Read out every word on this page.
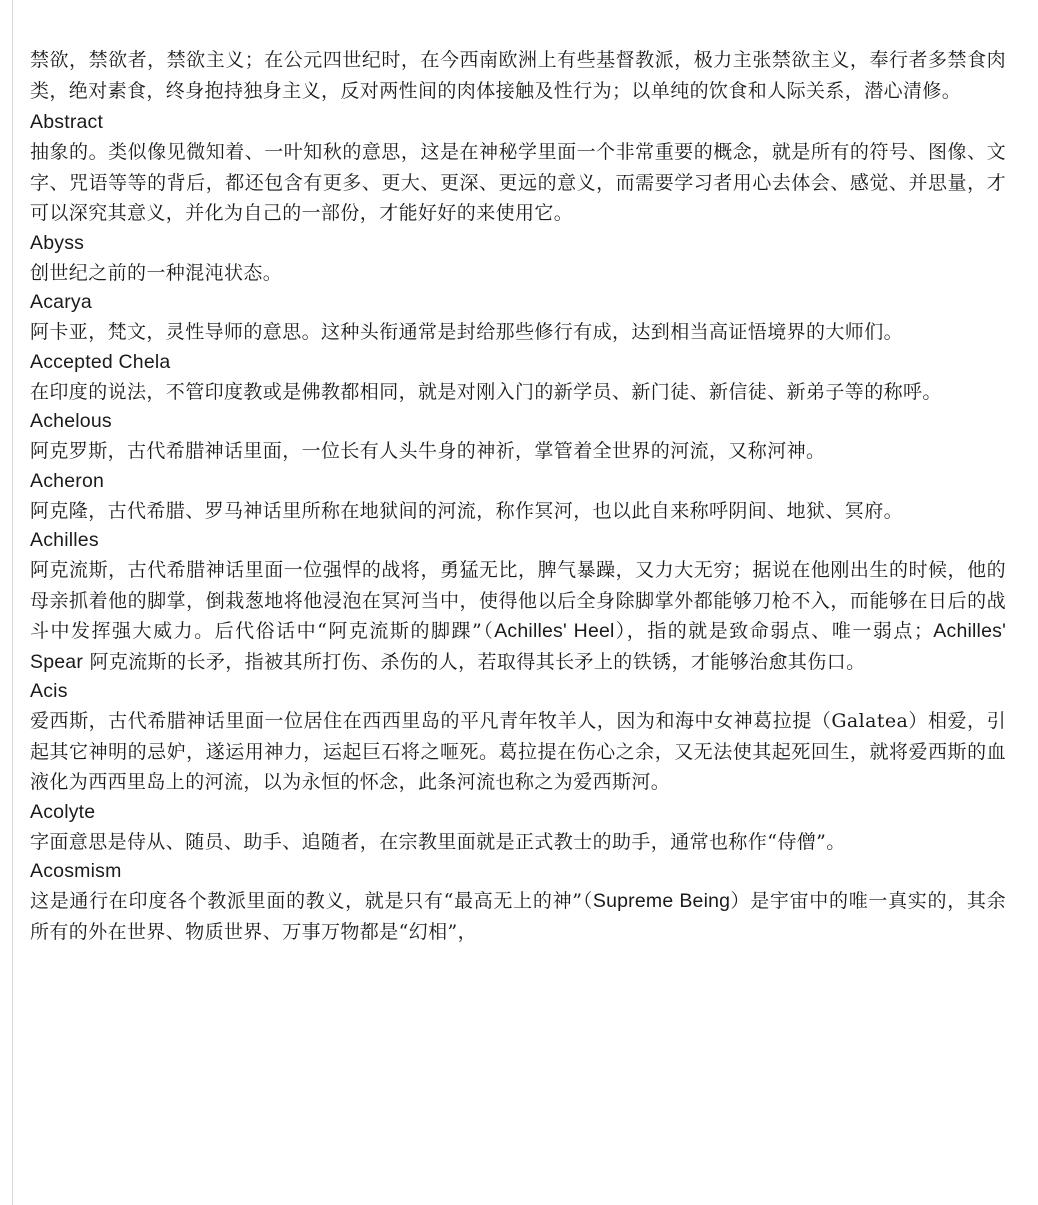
禁欲，禁欲者，禁欲主义；在公元四世纪时，在今西南欧洲上有些基督教派，极力主张禁欲主义，奉行者多禁食肉类，绝对素食，终身抱持独身主义，反对两性间的肉体接触及性行为；以单纯的饮食和人际关系，潜心清修。

Abstract
抽象的。类似像见微知着、一叶知秋的意思，这是在神秘学里面一个非常重要的概念，就是所有的符号、图像、文字、咒语等等的背后，都还包含有更多、更大、更深、更远的意义，而需要学习者用心去体会、感觉、并思量，才可以深究其意义，并化为自己的一部份，才能好好的来使用它。
Abyss
创世纪之前的一种混沌状态。
Acarya
阿卡亚，梵文，灵性导师的意思。这种头衔通常是封给那些修行有成，达到相当高证悟境界的大师们。
Accepted Chela
在印度的说法，不管印度教或是佛教都相同，就是对刚入门的新学员、新门徒、新信徒、新弟子等的称呼。
Achelous
阿克罗斯，古代希腊神话里面，一位长有人头牛身的神祈，掌管着全世界的河流，又称河神。
Acheron
阿克隆，古代希腊、罗马神话里所称在地狱间的河流，称作冥河，也以此自来称呼阴间、地狱、冥府。
Achilles
阿克流斯，古代希腊神话里面一位强悍的战将，勇猛无比，脾气暴躁，又力大无穷；据说在他刚出生的时候，他的母亲抓着他的脚掌，倒栽葱地将他浸泡在冥河当中，使得他以后全身除脚掌外都能够刀枪不入，而能够在日后的战斗中发挥强大威力。后代俗话中“阿克流斯的脚踝”（Achilles' Heel），指的就是致命弱点、唯一弱点；Achilles' Spear 阿克流斯的长矛，指被其所打伤、杀伤的人，若取得其长矛上的铁锈，才能够治愈其伤口。
Acis
爱西斯，古代希腊神话里面一位居住在西西里岛的平凡青年牧羊人，因为和海中女神葛拉提（Galatea）相爱，引起其它神明的忌妒，遂运用神力，运起巨石将之咂死。葛拉提在伤心之余，又无法使其起死回生，就将爱西斯的血液化为西西里岛上的河流，以为永恒的怀念，此条河流也称之为爱西斯河。
Acolyte
字面意思是侍从、随员、助手、追随者，在宗教里面就是正式教士的助手，通常也称作“侍僧”。
Acosmism
这是通行在印度各个教派里面的教义，就是只有“最高无上的神”（Supreme Being）是宇宙中的唯一真实的，其余所有的外在世界、物质世界、万事万物都是“幻相”，
